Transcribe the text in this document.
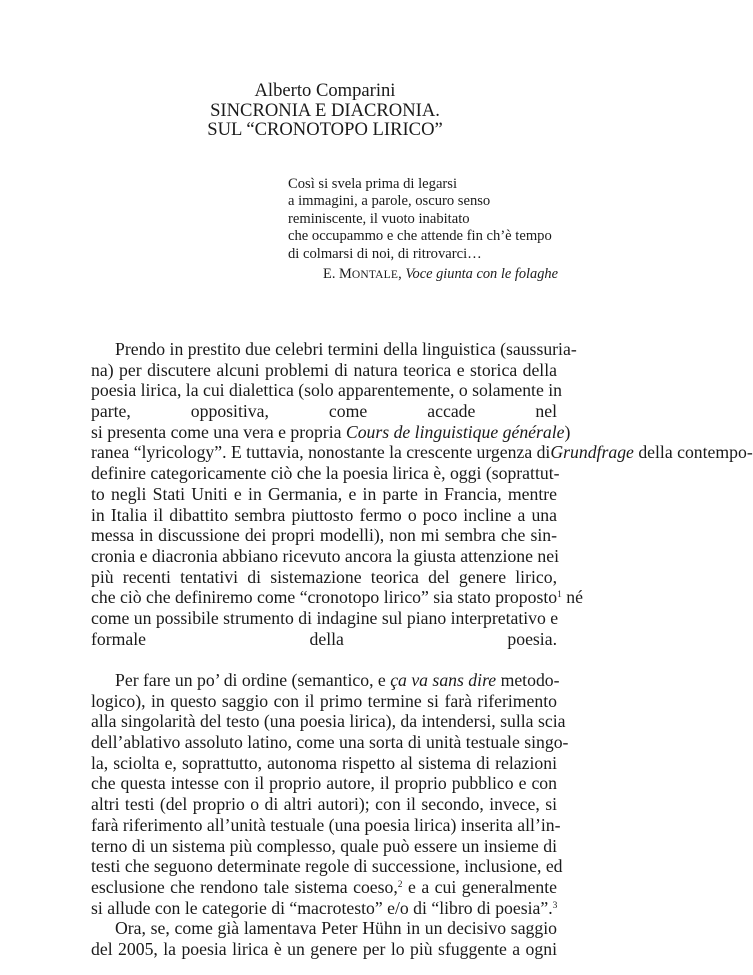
Alberto Comparini
SINCRONIA E DIACRONIA.
SUL “CRONOTOPO LIRICO”
Così si svela prima di legarsi
a immagini, a parole, oscuro senso
reminiscente, il vuoto inabitato
che occupammo e che attende fin ch’è tempo
di colmarsi di noi, di ritrovarci…
E. MONTALE, Voce giunta con le folaghe
Prendo in prestito due celebri termini della linguistica (saussuria-
na) per discutere alcuni problemi di natura teorica e storica della
poesia lirica, la cui dialettica (solo apparentemente, o solamente in
parte, oppositiva, come accade nel
si presenta come una vera e propria Cours de linguistique générale)
ranea “lyricology”. E tuttavia, nonostante la crescente urgenza diGrundfrage della contempo-
definire categoricamente ciò che la poesia lirica è, oggi (soprattut-
to negli Stati Uniti e in Germania, e in parte in Francia, mentre
in Italia il dibattito sembra piuttosto fermo o poco incline a una
messa in discussione dei propri modelli), non mi sembra che sin-
cronia e diacronia abbiano ricevuto ancora la giusta attenzione nei
più recenti tentativi di sistemazione teorica del genere lirico,
che ciò che definiremo come “cronotopo lirico” sia stato proposto$^1$ né
come un possibile strumento di indagine sul piano interpretativo e
formale della poesia.
Per fare un po’ di ordine (semantico, e ça va sans dire metodo-
logico), in questo saggio con il primo termine si farà riferimento
alla singolarità del testo (una poesia lirica), da intendersi, sulla scia
dell’ablativo assoluto latino, come una sorta di unità testuale singo-
la, sciolta e, soprattutto, autonoma rispetto al sistema di relazioni
che questa intesse con il proprio autore, il proprio pubblico e con
altri testi (del proprio o di altri autori); con il secondo, invece, si
farà riferimento all’unità testuale (una poesia lirica) inserita all’in-
terno di un sistema più complesso, quale può essere un insieme di
testi che seguono determinate regole di successione, inclusione, ed
esclusione che rendono tale sistema coeso,$^2$ e a cui generalmente
si allude con le categorie di “macrotesto” e/o di “libro di poesia”.$^3$
Ora, se, come già lamentava Peter Hühn in un decisivo saggio
del 2005, la poesia lirica è un genere per lo più sfuggente a ogni
